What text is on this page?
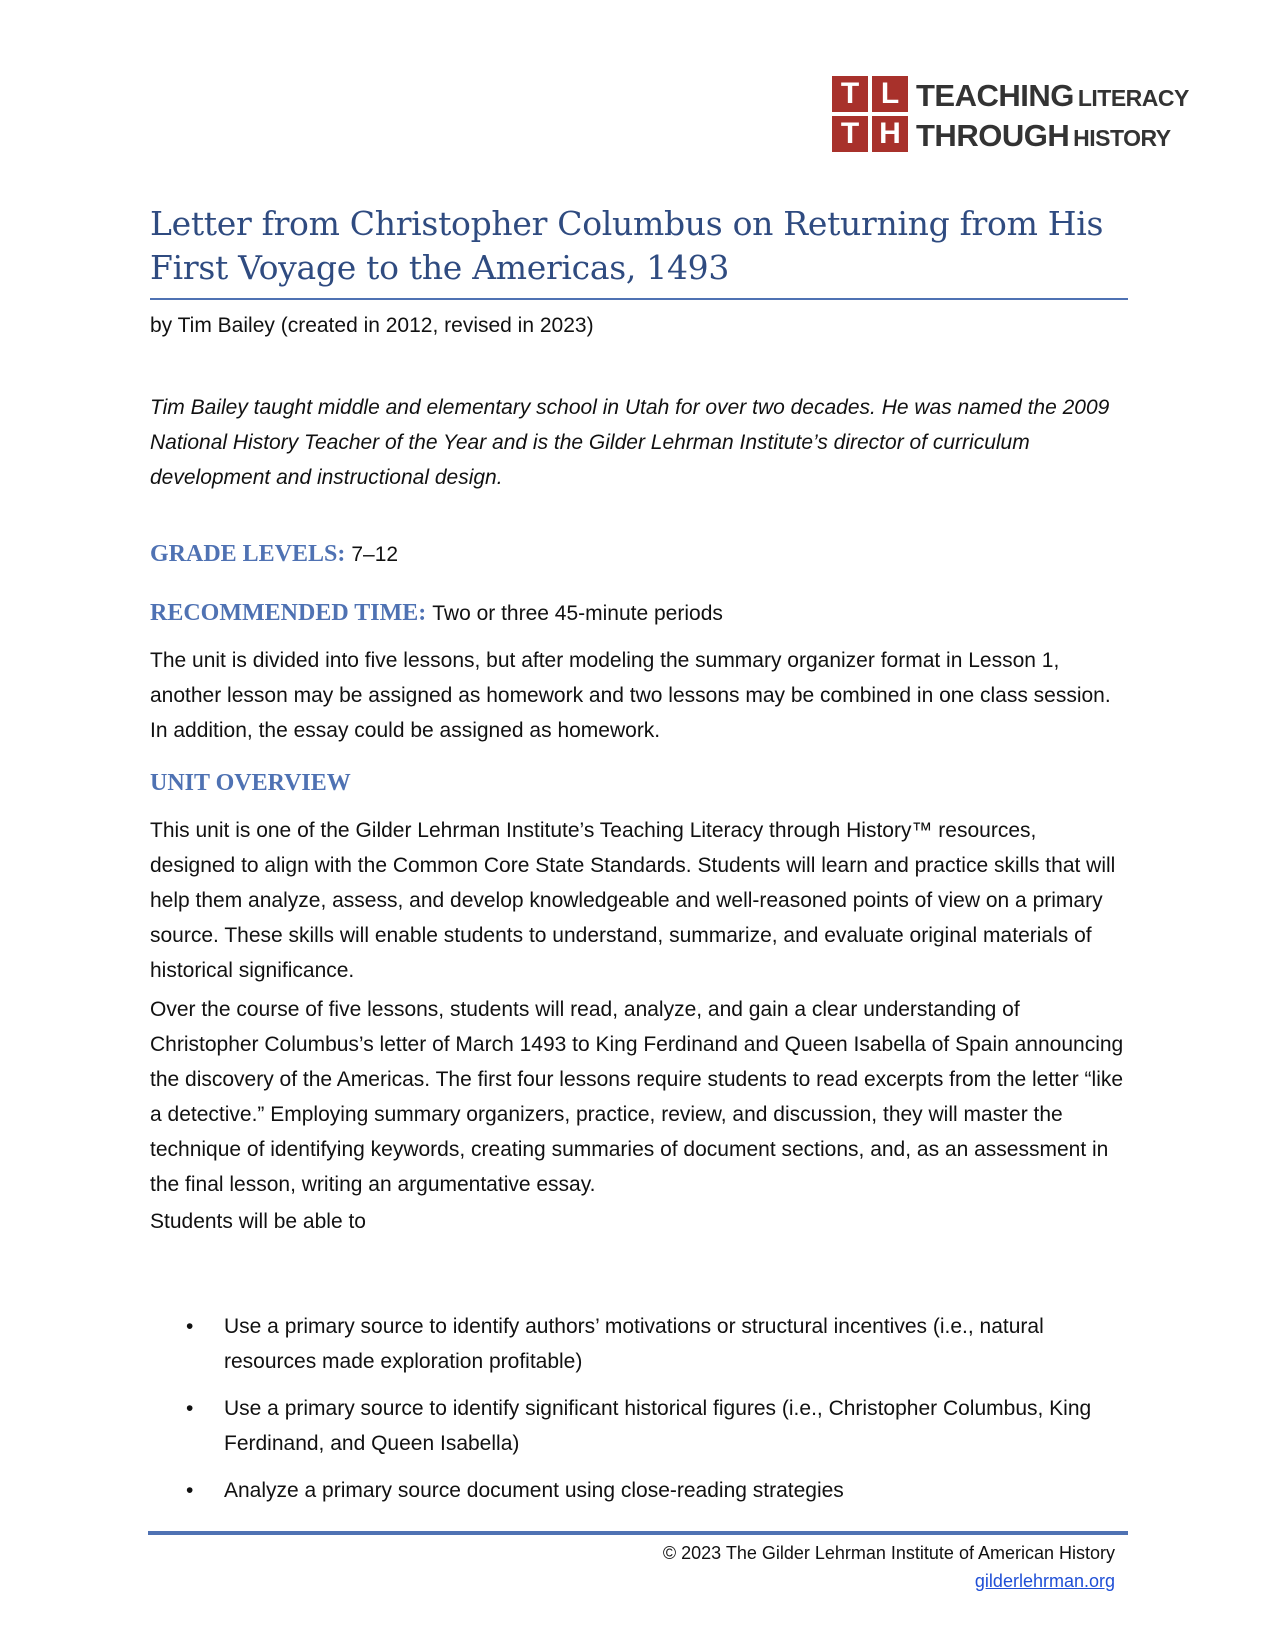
T L
T H
TEACHING LITERACY
THROUGH HISTORY
Letter from Christopher Columbus on Returning from His
First Voyage to the Americas, 1493
by Tim Bailey (created in 2012, revised in 2023)

Tim Bailey taught middle and elementary school in Utah for over two decades. He was named the 2009 National History Teacher of the Year and is the Gilder Lehrman Institute’s director of curriculum development and instructional design.

GRADE LEVELS: 7–12
RECOMMENDED TIME: Two or three 45-minute periods

The unit is divided into five lessons, but after modeling the summary organizer format in Lesson 1, another lesson may be assigned as homework and two lessons may be combined in one class session. In addition, the essay could be assigned as homework.

UNIT OVERVIEW

This unit is one of the Gilder Lehrman Institute’s Teaching Literacy through History™ resources, designed to align with the Common Core State Standards. Students will learn and practice skills that will help them analyze, assess, and develop knowledgeable and well-reasoned points of view on a primary source. These skills will enable students to understand, summarize, and evaluate original materials of historical significance.

Over the course of five lessons, students will read, analyze, and gain a clear understanding of Christopher Columbus’s letter of March 1493 to King Ferdinand and Queen Isabella of Spain announcing the discovery of the Americas. The first four lessons require students to read excerpts from the letter “like a detective.” Employing summary organizers, practice, review, and discussion, they will master the technique of identifying keywords, creating summaries of document sections, and, as an assessment in the final lesson, writing an argumentative essay.

Students will be able to

• Use a primary source to identify authors’ motivations or structural incentives (i.e., natural resources made exploration profitable)
• Use a primary source to identify significant historical figures (i.e., Christopher Columbus, King Ferdinand, and Queen Isabella)
• Analyze a primary source document using close-reading strategies
© 2023 The Gilder Lehrman Institute of American History
gilderlehrman.org
